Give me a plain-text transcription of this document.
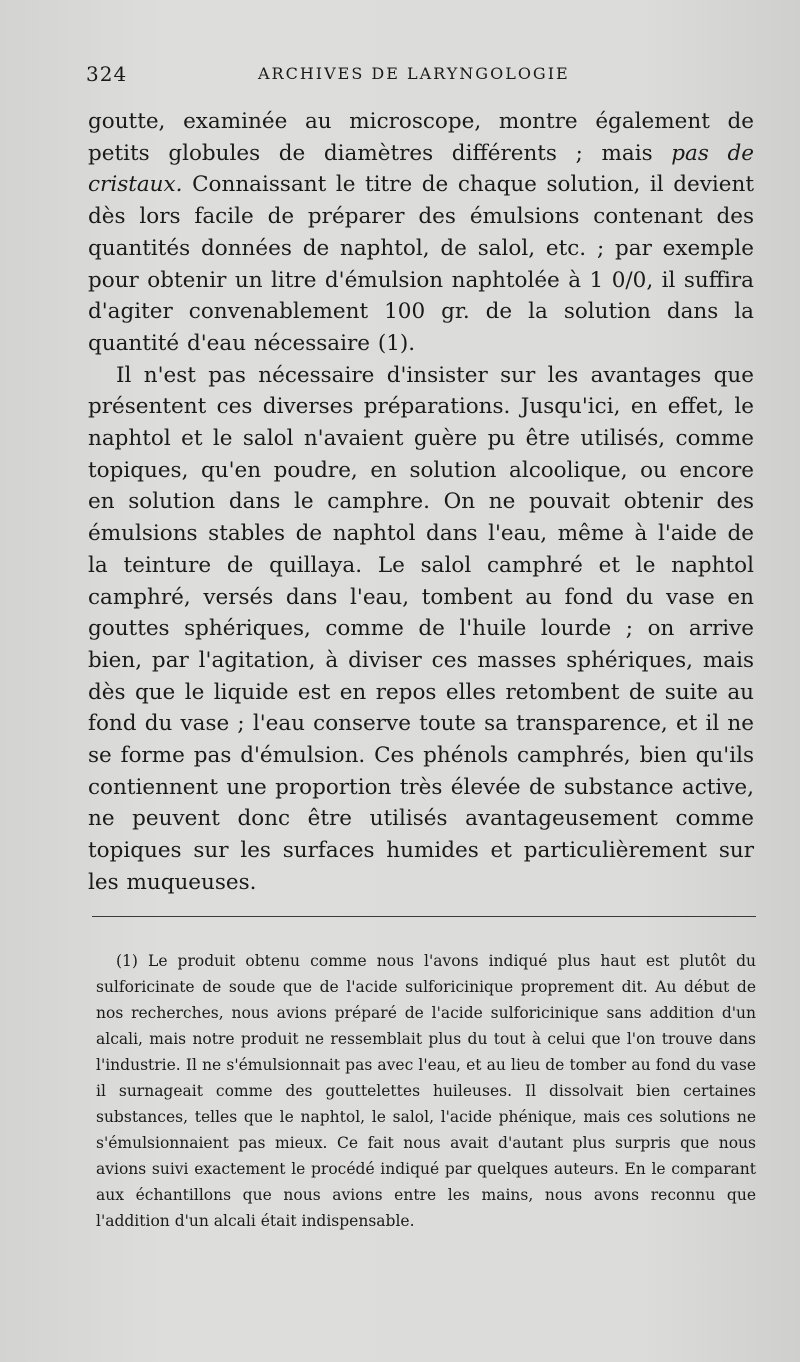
324	ARCHIVES DE LARYNGOLOGIE

goutte, examinée au microscope, montre également de petits globules de diamètres différents ; mais pas de cristaux. Connaissant le titre de chaque solution, il devient dès lors facile de préparer des émulsions contenant des quantités données de naphtol, de salol, etc. ; par exemple pour obtenir un litre d'émulsion naphtolée à 1 0/0, il suffira d'agiter convenablement 100 gr. de la solution dans la quantité d'eau nécessaire (1).

Il n'est pas nécessaire d'insister sur les avantages que présentent ces diverses préparations. Jusqu'ici, en effet, le naphtol et le salol n'avaient guère pu être utilisés, comme topiques, qu'en poudre, en solution alcoolique, ou encore en solution dans le camphre. On ne pouvait obtenir des émulsions stables de naphtol dans l'eau, même à l'aide de la teinture de quillaya. Le salol camphré et le naphtol camphré, versés dans l'eau, tombent au fond du vase en gouttes sphériques, comme de l'huile lourde ; on arrive bien, par l'agitation, à diviser ces masses sphériques, mais dès que le liquide est en repos elles retombent de suite au fond du vase ; l'eau conserve toute sa transparence, et il ne se forme pas d'émulsion. Ces phénols camphrés, bien qu'ils contiennent une proportion très élevée de substance active, ne peuvent donc être utilisés avantageusement comme topiques sur les surfaces humides et particulièrement sur les muqueuses.

(1) Le produit obtenu comme nous l'avons indiqué plus haut est plutôt du sulforicinate de soude que de l'acide sulforicinique proprement dit. Au début de nos recherches, nous avions préparé de l'acide sulforicinique sans addition d'un alcali, mais notre produit ne ressemblait plus du tout à celui que l'on trouve dans l'industrie. Il ne s'émulsionnait pas avec l'eau, et au lieu de tomber au fond du vase il surnageait comme des gouttelettes huileuses. Il dissolvait bien certaines substances, telles que le naphtol, le salol, l'acide phénique, mais ces solutions ne s'émulsionnaient pas mieux. Ce fait nous avait d'autant plus surpris que nous avions suivi exactement le procédé indiqué par quelques auteurs. En le comparant aux échantillons que nous avions entre les mains, nous avons reconnu que l'addition d'un alcali était indispensable.
